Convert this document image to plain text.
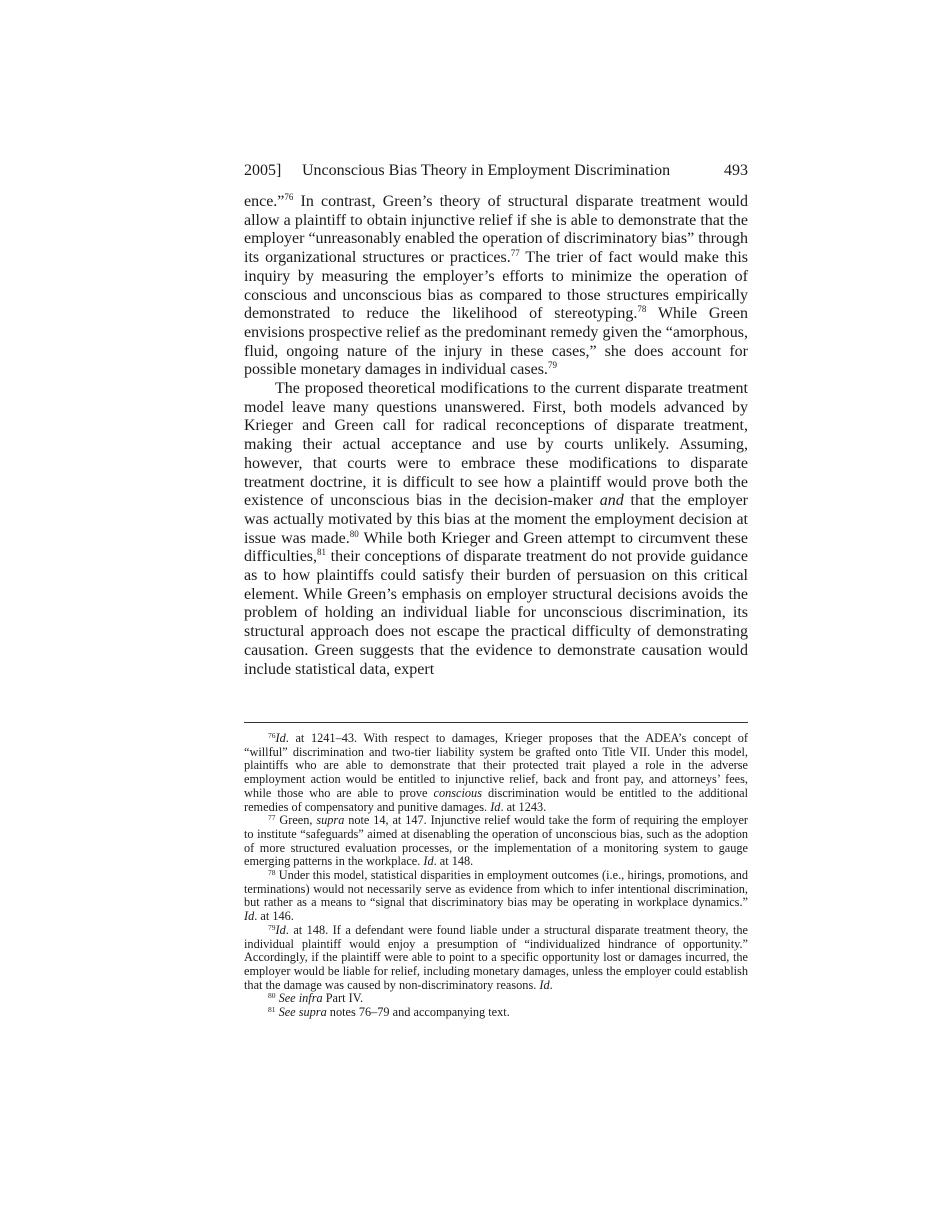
2005] Unconscious Bias Theory in Employment Discrimination	493

ence.”$^{76}$ In contrast, Green’s theory of structural disparate treatment would allow a plaintiff to obtain injunctive relief if she is able to demonstrate that the employer “unreasonably enabled the operation of discriminatory bias” through its organizational structures or practices.$^{77}$ The trier of fact would make this inquiry by measuring the employer’s efforts to minimize the operation of conscious and unconscious bias as compared to those structures empirically demonstrated to reduce the likelihood of stereotyping.$^{78}$ While Green envisions prospective relief as the predominant remedy given the “amorphous, fluid, ongoing nature of the injury in these cases,” she does account for possible monetary damages in individual cases.$^{79}$

The proposed theoretical modifications to the current disparate treatment model leave many questions unanswered. First, both models advanced by Krieger and Green call for radical reconceptions of disparate treatment, making their actual acceptance and use by courts unlikely. Assuming, however, that courts were to embrace these modifications to disparate treatment doctrine, it is difficult to see how a plaintiff would prove both the existence of unconscious bias in the decision-maker and that the employer was actually motivated by this bias at the moment the employment decision at issue was made.$^{80}$ While both Krieger and Green attempt to circumvent these difficulties,$^{81}$ their conceptions of disparate treatment do not provide guidance as to how plaintiffs could satisfy their burden of persuasion on this critical element. While Green’s emphasis on employer structural decisions avoids the problem of holding an individual liable for unconscious discrimination, its structural approach does not escape the practical difficulty of demonstrating causation. Green suggests that the evidence to demonstrate causation would include statistical data, expert

$^{76}$Id. at 1241–43. With respect to damages, Krieger proposes that the ADEA’s concept of “willful” discrimination and two-tier liability system be grafted onto Title VII. Under this model, plaintiffs who are able to demonstrate that their protected trait played a role in the adverse employment action would be entitled to injunctive relief, back and front pay, and attorneys’ fees, while those who are able to prove conscious discrimination would be entitled to the additional remedies of compensatory and punitive damages. Id. at 1243.

$^{77}$ Green, supra note 14, at 147. Injunctive relief would take the form of requiring the employer to institute “safeguards” aimed at disenabling the operation of unconscious bias, such as the adoption of more structured evaluation processes, or the implementation of a monitoring system to gauge emerging patterns in the workplace. Id. at 148.

$^{78}$ Under this model, statistical disparities in employment outcomes (i.e., hirings, promotions, and terminations) would not necessarily serve as evidence from which to infer intentional discrimination, but rather as a means to “signal that discriminatory bias may be operating in workplace dynamics.” Id. at 146.

$^{79}$Id. at 148. If a defendant were found liable under a structural disparate treatment theory, the individual plaintiff would enjoy a presumption of “individualized hindrance of opportunity.” Accordingly, if the plaintiff were able to point to a specific opportunity lost or damages incurred, the employer would be liable for relief, including monetary damages, unless the employer could establish that the damage was caused by non-discriminatory reasons. Id.

$^{80}$ See infra Part IV.

$^{81}$ See supra notes 76–79 and accompanying text.
